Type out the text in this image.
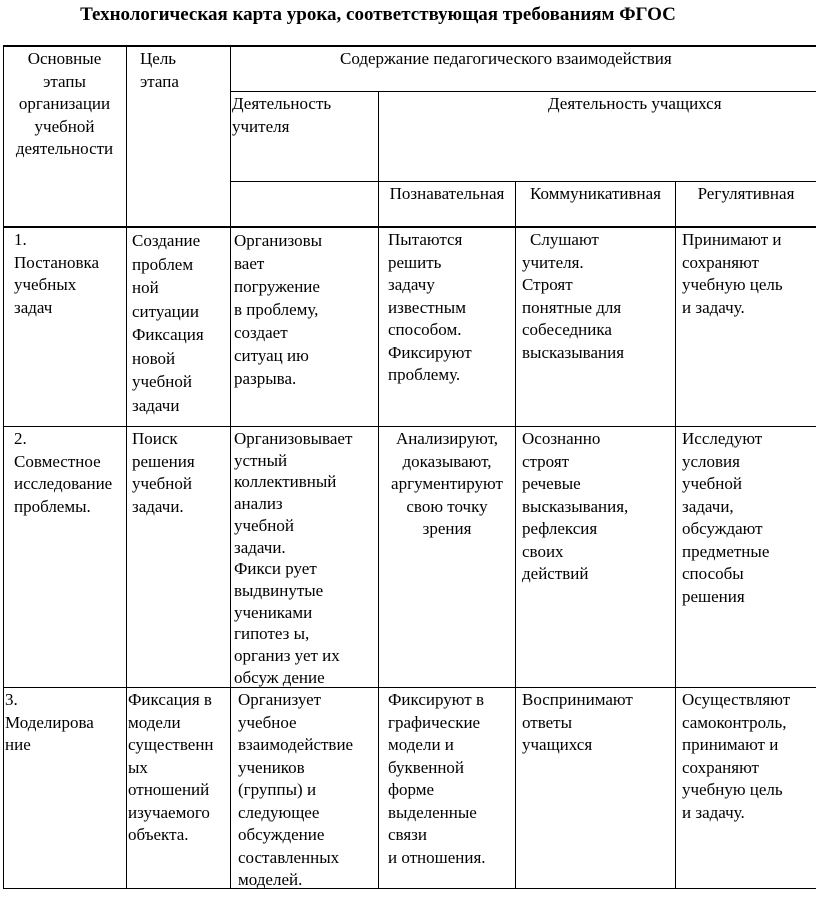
Технологическая карта урока, соответствующая требованиям ФГОС
Основные
этапы
организации
учебной
деятельности
Цель
этапа
Содержание педагогического взаимодействия
Деятельность
учителя
Деятельность учащихся
Познавательная	Коммуникативная	Регулятивная
1.
Постановка
учебных
задач
Создание
проблем
ной
ситуации
Фиксация
новой
учебной
задачи
Организовы
вает
погружение
в проблему,
создает
ситуац ию
разрыва.
Пытаются
решить
задачу
известным
способом.
Фиксируют
проблему.
Слушают
учителя.
Строят
понятные для
собеседника
высказывания
Принимают и
сохраняют
учебную цель
и задачу.
2.
Совместное
исследование
проблемы.
Поиск
решения
учебной
задачи.
Организовывает
устный
коллективный
анализ
учебной
задачи.
Фикси рует
выдвинутые
учениками
гипотез ы,
организ ует их
обсуж дение
Анализируют,
доказывают,
аргументируют
свою точку
зрения
Осознанно
строят
речевые
высказывания,
рефлексия
своих
действий
Исследуют
условия
учебной
задачи,
обсуждают
предметные
способы
решения
3.
Моделирова
ние
Фиксация в
модели
существенн
ых
отношений
изучаемого
объекта.
Организует
учебное
взаимодействие
учеников
(группы) и
следующее
обсуждение
составленных
моделей.
Фиксируют в
графические
модели и
буквенной
форме
выделенные
связи
и отношения.
Воспринимают
ответы
учащихся
Осуществляют
самоконтроль,
принимают и
сохраняют
учебную цель
и задачу.
